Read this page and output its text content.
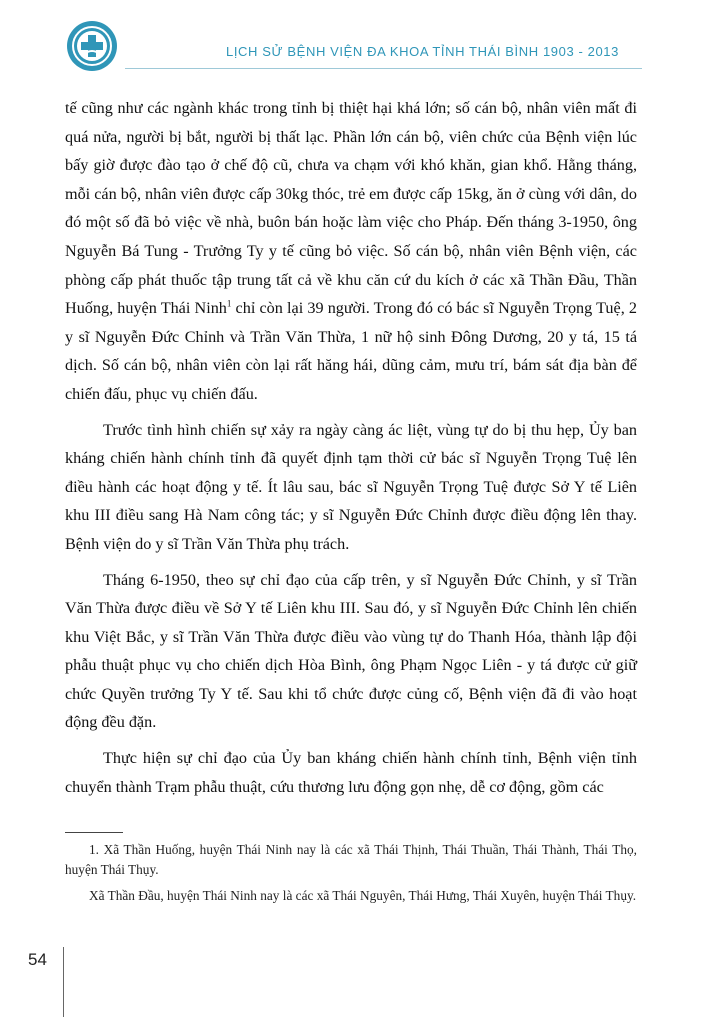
LỊCH SỬ BỆNH VIỆN ĐA KHOA TỈNH THÁI BÌNH 1903 - 2013

tế cũng như các ngành khác trong tỉnh bị thiệt hại khá lớn; số cán bộ, nhân viên mất đi quá nửa, người bị bắt, người bị thất lạc. Phần lớn cán bộ, viên chức của Bệnh viện lúc bấy giờ được đào tạo ở chế độ cũ, chưa va chạm với khó khăn, gian khổ. Hằng tháng, mỗi cán bộ, nhân viên được cấp 30kg thóc, trẻ em được cấp 15kg, ăn ở cùng với dân, do đó một số đã bỏ việc về nhà, buôn bán hoặc làm việc cho Pháp. Đến tháng 3-1950, ông Nguyễn Bá Tung - Trưởng Ty y tế cũng bỏ việc. Số cán bộ, nhân viên Bệnh viện, các phòng cấp phát thuốc tập trung tất cả về khu căn cứ du kích ở các xã Thần Đầu, Thần Huống, huyện Thái Ninh$^1$ chỉ còn lại 39 người. Trong đó có bác sĩ Nguyễn Trọng Tuệ, 2 y sĩ Nguyễn Đức Chỉnh và Trần Văn Thừa, 1 nữ hộ sinh Đông Dương, 20 y tá, 15 tá dịch. Số cán bộ, nhân viên còn lại rất hăng hái, dũng cảm, mưu trí, bám sát địa bàn để chiến đấu, phục vụ chiến đấu.

Trước tình hình chiến sự xảy ra ngày càng ác liệt, vùng tự do bị thu hẹp, Ủy ban kháng chiến hành chính tỉnh đã quyết định tạm thời cử bác sĩ Nguyễn Trọng Tuệ lên điều hành các hoạt động y tế. Ít lâu sau, bác sĩ Nguyễn Trọng Tuệ được Sở Y tế Liên khu III điều sang Hà Nam công tác; y sĩ Nguyễn Đức Chỉnh được điều động lên thay. Bệnh viện do y sĩ Trần Văn Thừa phụ trách.

Tháng 6-1950, theo sự chỉ đạo của cấp trên, y sĩ Nguyễn Đức Chỉnh, y sĩ Trần Văn Thừa được điều về Sở Y tế Liên khu III. Sau đó, y sĩ Nguyễn Đức Chỉnh lên chiến khu Việt Bắc, y sĩ Trần Văn Thừa được điều vào vùng tự do Thanh Hóa, thành lập đội phẫu thuật phục vụ cho chiến dịch Hòa Bình, ông Phạm Ngọc Liên - y tá được cử giữ chức Quyền trưởng Ty Y tế. Sau khi tổ chức được củng cố, Bệnh viện đã đi vào hoạt động đều đặn.

Thực hiện sự chỉ đạo của Ủy ban kháng chiến hành chính tỉnh, Bệnh viện tỉnh chuyển thành Trạm phẫu thuật, cứu thương lưu động gọn nhẹ, dễ cơ động, gồm các

1. Xã Thần Huống, huyện Thái Ninh nay là các xã Thái Thịnh, Thái Thuần, Thái Thành, Thái Thọ, huyện Thái Thụy.

Xã Thần Đầu, huyện Thái Ninh nay là các xã Thái Nguyên, Thái Hưng, Thái Xuyên, huyện Thái Thụy.

54
